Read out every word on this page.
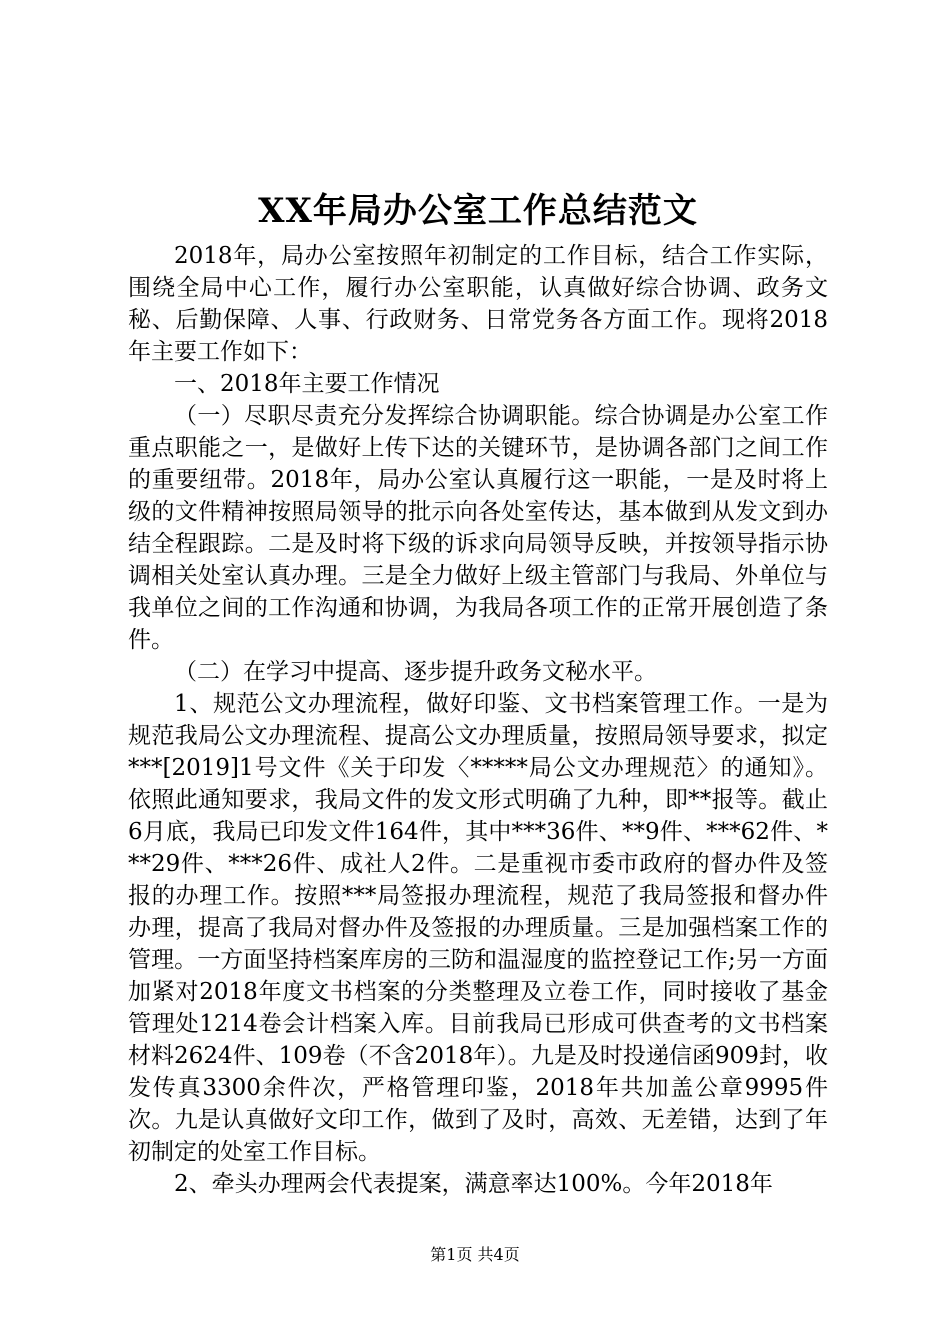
XX年局办公室工作总结范文

2018年，局办公室按照年初制定的工作目标，结合工作实际，围绕全局中心工作，履行办公室职能，认真做好综合协调、政务文秘、后勤保障、人事、行政财务、日常党务各方面工作。现将2018年主要工作如下：

一、2018年主要工作情况

（一）尽职尽责充分发挥综合协调职能。综合协调是办公室工作重点职能之一，是做好上传下达的关键环节，是协调各部门之间工作的重要纽带。2018年，局办公室认真履行这一职能，一是及时将上级的文件精神按照局领导的批示向各处室传达，基本做到从发文到办结全程跟踪。二是及时将下级的诉求向局领导反映，并按领导指示协调相关处室认真办理。三是全力做好上级主管部门与我局、外单位与我单位之间的工作沟通和协调，为我局各项工作的正常开展创造了条件。

（二）在学习中提高、逐步提升政务文秘水平。

1、规范公文办理流程，做好印鉴、文书档案管理工作。一是为规范我局公文办理流程、提高公文办理质量，按照局领导要求，拟定***[2019]1号文件《关于印发〈*****局公文办理规范〉的通知》。依照此通知要求，我局文件的发文形式明确了九种，即**报等。截止6月底，我局已印发文件164件，其中***36件、**9件、***62件、***29件、***26件、成社人2件。二是重视市委市政府的督办件及签报的办理工作。按照***局签报办理流程，规范了我局签报和督办件办理，提高了我局对督办件及签报的办理质量。三是加强档案工作的管理。一方面坚持档案库房的三防和温湿度的监控登记工作;另一方面加紧对2018年度文书档案的分类整理及立卷工作，同时接收了基金管理处1214卷会计档案入库。目前我局已形成可供查考的文书档案材料2624件、109卷（不含2018年）。九是及时投递信函909封，收发传真3300余件次，严格管理印鉴，2018年共加盖公章9995件次。九是认真做好文印工作，做到了及时，高效、无差错，达到了年初制定的处室工作目标。

2、牵头办理两会代表提案，满意率达100%。今年2018年

第1页 共4页
